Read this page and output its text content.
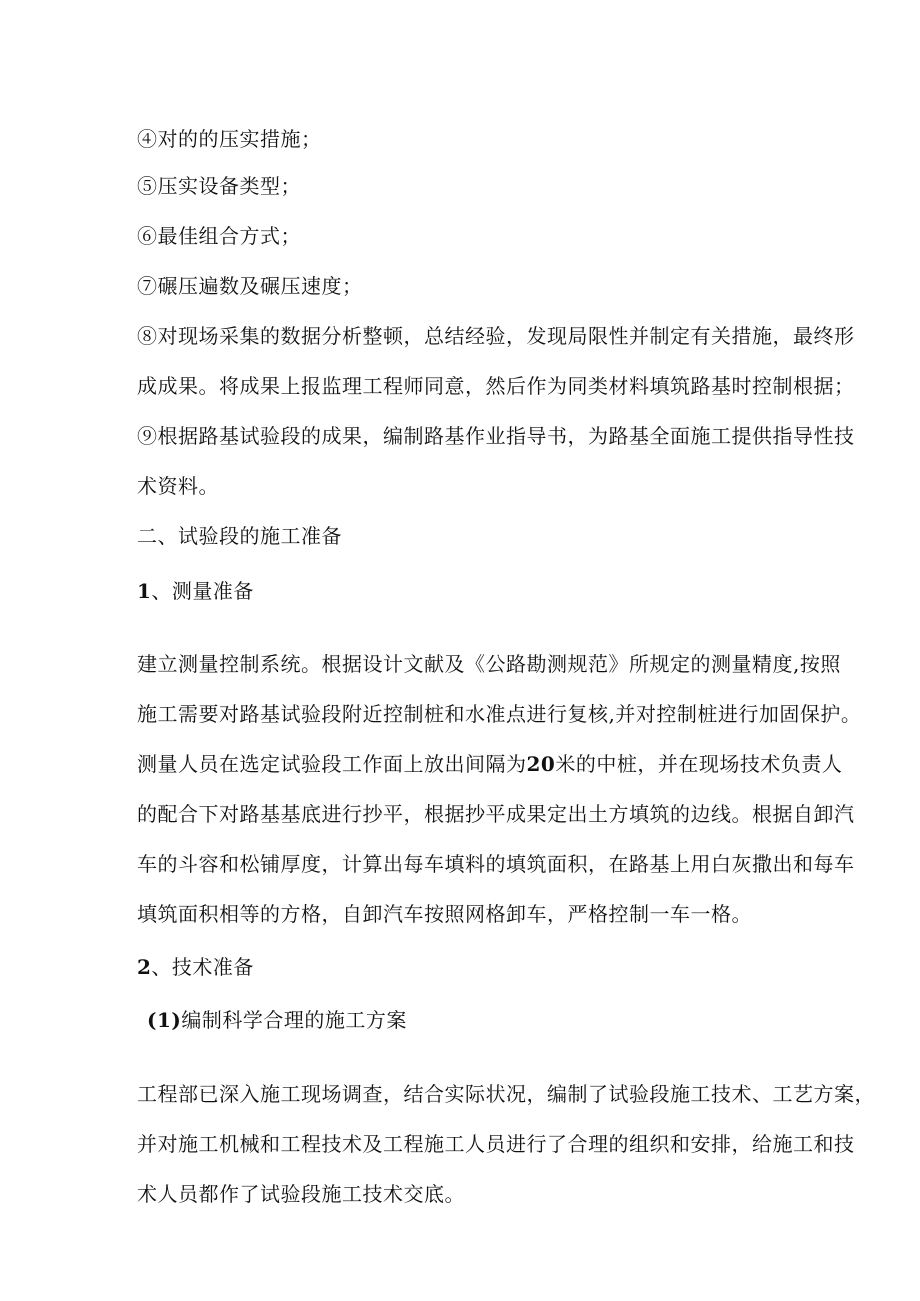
④对的的压实措施；
⑤压实设备类型；
⑥最佳组合方式；
⑦碾压遍数及碾压速度；
⑧对现场采集的数据分析整顿，总结经验，发现局限性并制定有关措施，最终形
成成果。将成果上报监理工程师同意，然后作为同类材料填筑路基时控制根据；
⑨根据路基试验段的成果，编制路基作业指导书，为路基全面施工提供指导性技
术资料。
二、试验段的施工准备
1、测量准备
建立测量控制系统。根据设计文献及《公路勘测规范》所规定的测量精度,按照
施工需要对路基试验段附近控制桩和水准点进行复核,并对控制桩进行加固保护。
测量人员在选定试验段工作面上放出间隔为20米的中桩，并在现场技术负责人
的配合下对路基基底进行抄平，根据抄平成果定出土方填筑的边线。根据自卸汽
车的斗容和松铺厚度，计算出每车填料的填筑面积，在路基上用白灰撒出和每车
填筑面积相等的方格，自卸汽车按照网格卸车，严格控制一车一格。
2、技术准备
(1)编制科学合理的施工方案
工程部已深入施工现场调查，结合实际状况，编制了试验段施工技术、工艺方案，
并对施工机械和工程技术及工程施工人员进行了合理的组织和安排，给施工和技
术人员都作了试验段施工技术交底。
